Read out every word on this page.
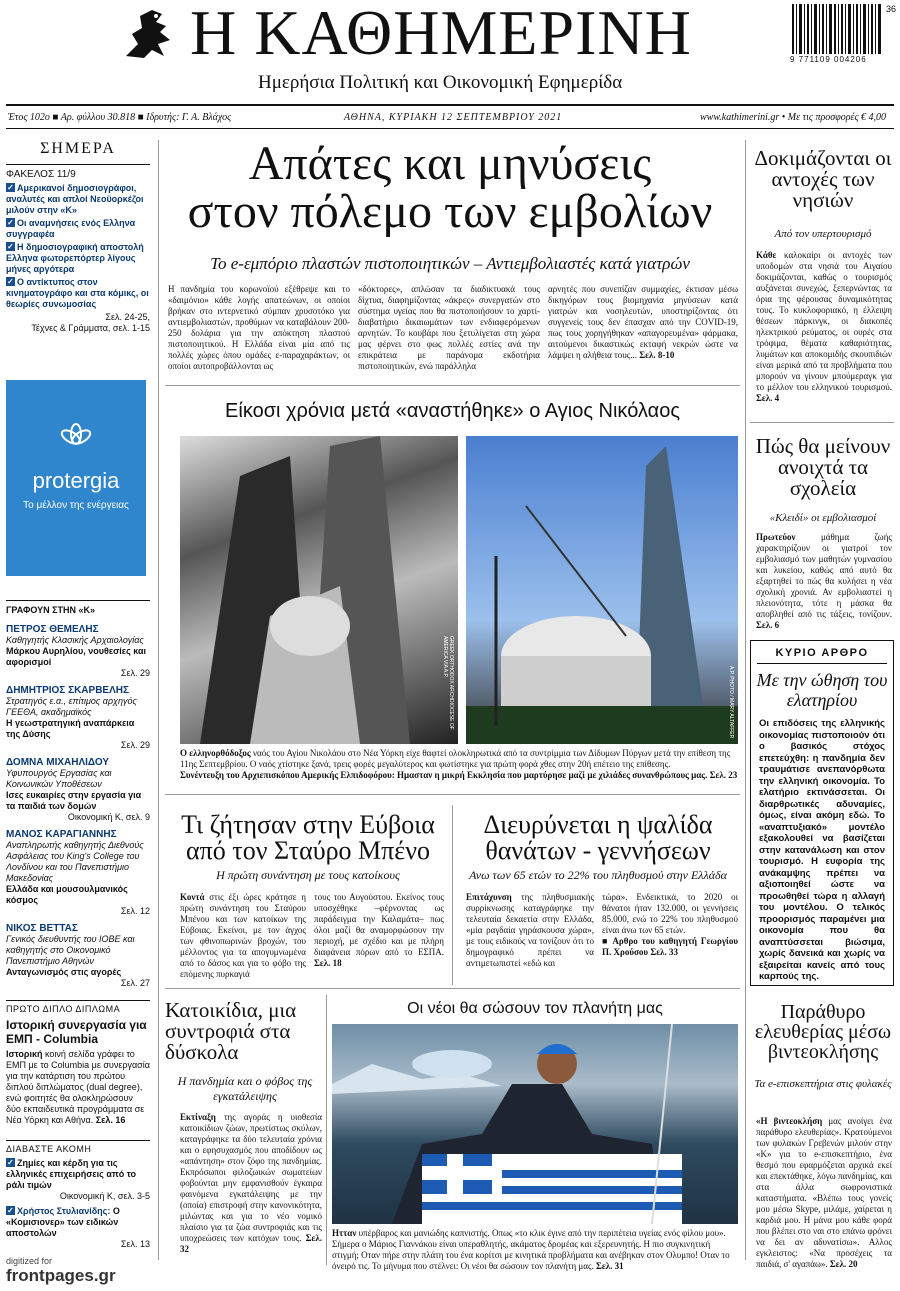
Η ΚΑΘΗΜΕΡΙΝΗ
Ημερήσια Πολιτική και Οικονομική Εφημερίδα
36
9 771109 004206
Έτος 102ο ■ Αρ. φύλλου 30.818 ■ Ιδρυτής: Γ. Α. Βλάχος	ΑΘΗΝΑ, ΚΥΡΙΑΚΗ 12 ΣΕΠΤΕΜΒΡΙΟΥ 2021	www.kathimerini.gr • Με τις προσφορές € 4,00
ΣΗΜΕΡΑ
ΦΑΚΕΛΟΣ 11/9
✓ Αμερικανοί δημοσιογράφοι, αναλυτές και απλοί Νεοϋορκέζοι μιλούν στην «Κ»
✓ Οι αναμνήσεις ενός Ελληνα συγγραφέα
✓ Η δημοσιογραφική αποστολή Ελληνα φωτορεπόρτερ λίγους μήνες αργότερα
✓ Ο αντίκτυπος στον κινηματογράφο και στα κόμικς, οι θεωρίες συνωμοσίας
Σελ. 24-25,
Τέχνες & Γράμματα, σελ. 1-15
protergia
Το μέλλον της ενέργειας
ΓΡΑΦΟΥΝ ΣΤΗΝ «Κ»
ΠΕΤΡΟΣ ΘΕΜΕΛΗΣ
Καθηγητής Κλασικής Αρχαιολογίας
Μάρκου Αυρηλίου, νουθεσίες και αφορισμοί
Σελ. 29
ΔΗΜΗΤΡΙΟΣ ΣΚΑΡΒΕΛΗΣ
Στρατηγός ε.α., επίτιμος αρχηγός ΓΕΕΘΑ, ακαδημαϊκός
Η γεωστρατηγική αναπάρκεια της Δύσης
Σελ. 29
ΔΟΜΝΑ ΜΙΧΑΗΛΙΔΟΥ
Υφυπουργός Εργασίας και Κοινωνικών Υποθέσεων
Ισες ευκαιρίες στην εργασία για τα παιδιά των δομών
Οικονομική Κ, σελ. 9
ΜΑΝΟΣ ΚΑΡΑΓΙΑΝΝΗΣ
Αναπληρωτής καθηγητής Διεθνούς Ασφάλειας του King's College του Λονδίνου και του Πανεπιστήμιο Μακεδονίας
Ελλάδα και μουσουλμανικός κόσμος
Σελ. 12
ΝΙΚΟΣ ΒΕΤΤΑΣ
Γενικός διευθυντής του ΙΟΒΕ και καθηγητής στο Οικονομικό Πανεπιστήμιο Αθηνών
Ανταγωνισμός στις αγορές
Σελ. 27
ΠΡΩΤΟ ΔΙΠΛΟ ΔΙΠΛΩΜΑ
Ιστορική συνεργασία για ΕΜΠ - Columbia
Ιστορική κοινή σελίδα γράφει το ΕΜΠ με το Columbia με συνεργασία για την κατάρτιση του πρώτου διπλού διπλώματος (dual degree), ενώ φοιτητές θα ολοκληρώσουν δύο εκπαιδευτικά προγράμματα σε Νέα Υόρκη και Αθήνα. Σελ. 16
ΔΙΑΒΑΣΤΕ ΑΚΟΜΗ
✓ Ζημίες και κέρδη για τις ελληνικές επιχειρήσεις από το ράλι τιμών
Οικονομική Κ, σελ. 3-5
✓ Χρήστος Στυλιανίδης: Ο «Κομισιονερ» των ειδικών αποστολών
Σελ. 13
Απάτες και μηνύσεις
στον πόλεμο των εμβολίων
Το e-εμπόριο πλαστών πιστοποιητικών – Αντιεμβολιαστές κατά γιατρών
Η πανδημία του κορωνοϊού εξέθρεψε και το «δαιμόνιο» κάθε λογής απατεώνων, οι οποίοι βρήκαν στο ιντερνετικό σύμπαν χρυσοτόκο για αντιεμβολιαστών, προθύμων να καταβάλουν 200-250 δολάρια για την απόκτηση πλαστού πιστοποιητικού. Η Ελλάδα είναι μία από τις πολλές χώρες όπου ομάδες ε-παραχαράκτων, οι οποίοι αυτοπροβάλλονται ως
«δόκτορες», απλώσαν τα διαδικτυακά τους δίχτυα, διαφημίζοντας «άκρες» συνεργατών στο σύστημα υγείας που θα πιστοποιήσουν το χαρτί-διαβατήριο δικαιωμάτων των ενδιαφερόμενων αρνητών. Το κουβάρι που ξετυλίγεται στη χώρα μας φέρνει στο φως πολλές εστίες ανά την επικράτεια με παράνομα εκδοτήρια πιστοποιητικών, ενώ παράλληλα
αρνητές που συνεπίζαν συμμαχίες, έκτισαν μέσω δικηγόρων τους βιομηχανία μηνύσεων κατά γιατρών και νοσηλευτών, υποστηρίζοντας ότι συγγενείς τους δεν έπασχαν από την COVID-19, πως τους χορηγήθηκαν «απαγορευμένα» φάρμακα, αιτούμενοι δικαστικώς εκταφή νεκρών ώστε να λάμψει η αλήθεια τους... Σελ. 8-10
Είκοσι χρόνια μετά «αναστήθηκε» ο Αγιος Νικόλαος
GREEK ORTHODOX ARCHDIOCESE OF AMERICA VIA A.P.
Α.Ρ. PHOTO / MARY ALTAFFER
Ο ελληνορθόδοξος ναός του Αγίου Νικολάου στο Νέα Υόρκη είχε θαφτεί ολοκληρωτικά από τα συντρίμμια των Δίδυμων Πύργων μετά την επίθεση της 11ης Σεπτεμβρίου. Ο ναός χτίστηκε ξανά, τρεις φορές μεγαλύτερος και φωτίστηκε για πρώτη φορά χθες στην 20ή επέτειο της επίθεσης.
Συνέντευξη του Αρχιεπισκόπου Αμερικής Ελπιδοφόρου: Ημασταν η μικρή Εκκλησία που μαρτύρησε μαζί με χιλιάδες συνανθρώπους μας. Σελ. 23
Τι ζήτησαν στην Εύβοια
από τον Σταύρο Μπένο
Η πρώτη συνάντηση με τους κατοίκους
Κοντά στις έξι ώρες κράτησε η πρώτη συνάντηση του Σταύρου Μπένου και των κατοίκων της Εύβοιας. Εκείνοι, με τον άγχος των φθινοπωρινών βροχών, του μέλλοντος για τα απογυμνωμένα από το δάσος και για το φόβο της επόμενης πυρκαγιά
τους του Αυγούστου. Εκείνος τους υποσχέθηκε –φέρνοντας ως παράδειγμα την Καλαμάτα– πως όλοι μαζί θα αναμορφώσουν την περιοχή, με σχέδιο και με πλήρη διαφάνεια πόρων από το ΕΣΠΑ. Σελ. 18
Διευρύνεται η ψαλίδα
θανάτων - γεννήσεων
Ανω των 65 ετών το 22% του πληθυσμού στην Ελλάδα
Επιτάχυνση της πληθυσμιακής συρρίκνωσης καταγράφηκε την τελευταία δεκαετία στην Ελλάδα, «μία ραγδαία γηράσκουσα χώρα», με τους ειδικούς να τονίζουν ότι το δημογραφικό πρέπει να αντιμετωπιστεί «εδώ και
τώρα». Ενδεικτικά, το 2020 οι θάνατοι ήταν 132.000, οι γεννήσεις 85.000, ενώ το 22% του πληθυσμού είναι άνω των 65 ετών.
■ Αρθρο του καθηγητή Γεωργίου Π. Χρούσου Σελ. 33
Κατοικίδια, μια συντροφιά στα δύσκολα
Η πανδημία και ο φόβος της εγκατάλειψης
Εκτίναξη της αγοράς η υιοθεσία κατοικίδιων ζώων, πρωτίστως σκύλων, καταγράφηκε τα δύο τελευταία χρόνια και ο εφησυχασμός που αποδίδουν ως «απάντηση» στον ζόφο της πανδημίας. Εκπρόσωποι φιλοζωικών σωματείων φοβούνται μην εμφανισθούν έγκαιρα φαινόμενα εγκατάλειψης με την (οποία) επιστροφή στην κανονικότητα, μιλώντας και για το νέο νομικό πλαίσιο για τα ζώα συντροφιάς και τις υποχρεώσεις των κατόχων τους. Σελ. 32
Οι νέοι θα σώσουν τον πλανήτη μας
Ητταν υπέρβαρος και μανιώδης καπνιστής. Οπως «το κλικ έγινε από την περιπέτεια υγείας ενός φίλου μου». Σήμερα ο Μάριος Γιαννάκου είναι υπεραθλητής, ακάματος δρομέας και εξερευνητής. Η πιο συγκινητική στιγμή; Οταν πήρε στην πλάτη του ένα κορίτσι με κινητικά προβλήματα και ανέβηκαν στον Ολυμπο! Οταν το όνειρό τις. Το μήνυμα που στέλνει: Οι νέοι θα σώσουν τον πλανήτη μας. Σελ. 31
Δοκιμάζονται οι αντοχές των νησιών
Από τον υπερτουρισμό
Κάθε καλοκαίρι οι αντοχές των υποδομών στα νησιά του Αιγαίου δοκιμάζονται, καθώς ο τουρισμός αυξάνεται συνεχώς, ξεπερνώντας τα όρια της φέρουσας δυναμικότητας τους. Το κυκλοφοριακό, η έλλειψη θέσεων πάρκινγκ, οι διακοπές ηλεκτρικού ρεύματος, οι ουρές στα τρόφιμα, θέματα καθαριότητας, λυμάτων και αποκομιδής σκουπιδιών είναι μερικά από τα προβλήματα που μπορούν να γίνουν μπούμεραγκ για το μέλλον του ελληνικού τουρισμού. Σελ. 4
Πώς θα μείνουν ανοιχτά τα σχολεία
«Κλειδί» οι εμβολιασμοί
Πρωτεύον	μάθημα ζωής χαρακτηρίζουν οι γιατροί τον εμβολιασμό των μαθητών γυμνασίου και λυκείου, καθώς από αυτό θα εξαρτηθεί το πώς θα κυλήσει η νέα σχολική χρονιά. Αν εμβολιαστεί η πλειονότητα, τότε η μάσκα θα αποβληθεί από τις τάξεις, τονίζουν. Σελ. 6
ΚΥΡΙΟ ΑΡΘΡΟ
Με την ώθηση του ελατηρίου
Οι επιδόσεις της ελληνικής οικονομίας πιστοποιούν ότι ο βασικός στόχος επετεύχθη: η πανδημία δεν τραυμάτισε ανεπανόρθωτα την ελληνική οικονομία. Το ελατήριο εκτινάσσεται. Οι διαρθρωτικές αδυναμίες, όμως, είναι ακόμη εδώ. Το «αναπτυξιακό» μοντέλο εξακολουθεί να βασίζεται στην κατανάλωση και στον τουρισμό. Η ευφορία της ανάκαμψης πρέπει να αξιοποιηθεί ώστε να προωθηθεί τώρα η αλλαγή του μοντέλου. Ο τελικός προορισμός παραμένει μια οικονομία που θα αναπτύσσεται βιώσιμα, χωρίς δανεικά και χωρίς να εξαιρείται κανείς από τους καρπούς της.
Παράθυρο ελευθερίας μέσω βιντεοκλήσης
Τα e-επισκεπτήρια στις φυλακές
«Η βιντεοκλήση μας ανοίγει ένα παράθυρο ελευθερίας». Κρατούμενοι των φυλακών Γρεβενών μιλούν στην «Κ» για το e-επισκεπτήριο, ένα θεσμό που εφαρμόζεται αρχικά εκεί και επεκτάθηκε, λόγω πανδημίας, και στα άλλα σωφρονιστικά καταστήματα. «Βλέπω τους γονείς μου μέσω Skype, μιλάμε, χαίρεται η καρδιά μου. Η μάνα μου κάθε φορά που βλέπει στο ναι στο επάνω φρόνει να δει αν αδυνατίσω». Αλλος εγκλειστος: «Να προσέχεις τα παιδιά, σ' αγαπάω». Σελ. 20
digitized for
frontpages.gr
